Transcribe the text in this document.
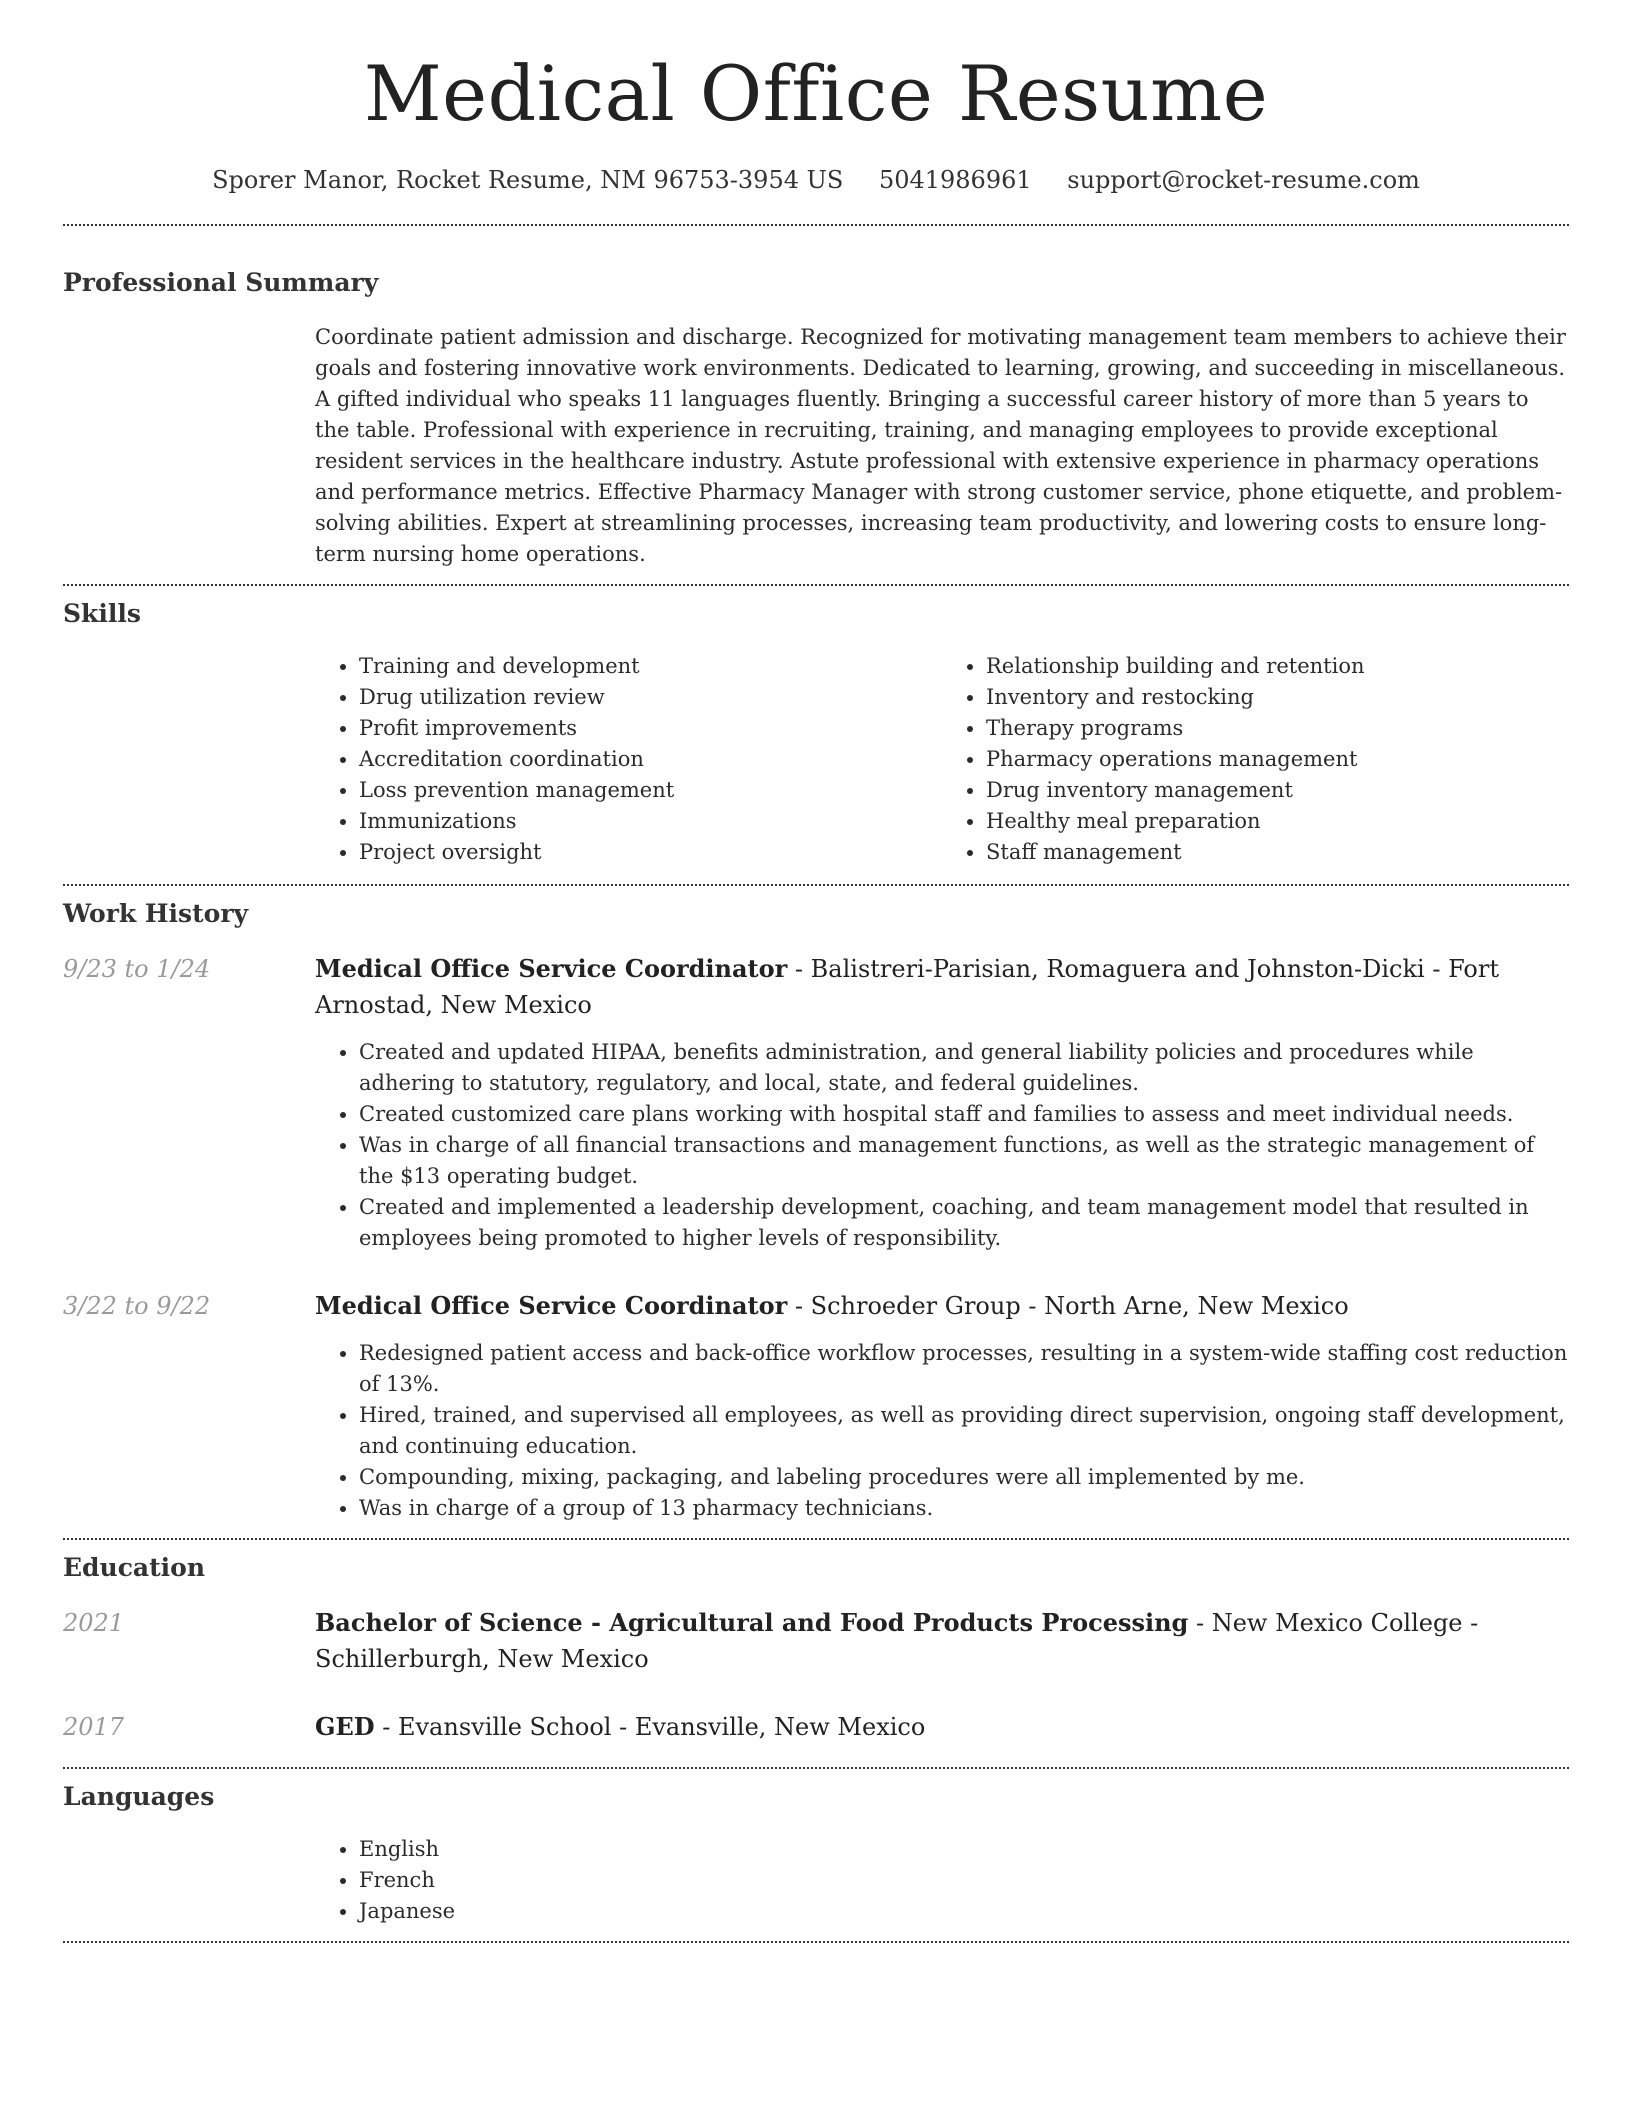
Medical Office Resume
Sporer Manor, Rocket Resume, NM 96753-3954 US 5041986961 support@rocket-resume.com
Professional Summary

Coordinate patient admission and discharge. Recognized for motivating management team members to achieve their goals and fostering innovative work environments. Dedicated to learning, growing, and succeeding in miscellaneous. A gifted individual who speaks 11 languages fluently. Bringing a successful career history of more than 5 years to the table. Professional with experience in recruiting, training, and managing employees to provide exceptional resident services in the healthcare industry. Astute professional with extensive experience in pharmacy operations and performance metrics. Effective Pharmacy Manager with strong customer service, phone etiquette, and problem-solving abilities. Expert at streamlining processes, increasing team productivity, and lowering costs to ensure long-term nursing home operations.

Skills
• Training and development
• Drug utilization review
• Profit improvements
• Accreditation coordination
• Loss prevention management
• Immunizations
• Project oversight
• Relationship building and retention
• Inventory and restocking
• Therapy programs
• Pharmacy operations management
• Drug inventory management
• Healthy meal preparation
• Staff management
Work History
9/23 to 1/24	Medical Office Service Coordinator - Balistreri-Parisian, Romaguera and Johnston-Dicki - Fort Arnostad, New Mexico
• Created and updated HIPAA, benefits administration, and general liability policies and procedures while adhering to statutory, regulatory, and local, state, and federal guidelines.
• Created customized care plans working with hospital staff and families to assess and meet individual needs.
• Was in charge of all financial transactions and management functions, as well as the strategic management of the $13 operating budget.
• Created and implemented a leadership development, coaching, and team management model that resulted in employees being promoted to higher levels of responsibility.
3/22 to 9/22	Medical Office Service Coordinator - Schroeder Group - North Arne, New Mexico
• Redesigned patient access and back-office workflow processes, resulting in a system-wide staffing cost reduction of 13%.
• Hired, trained, and supervised all employees, as well as providing direct supervision, ongoing staff development, and continuing education.
• Compounding, mixing, packaging, and labeling procedures were all implemented by me.
• Was in charge of a group of 13 pharmacy technicians.
Education
2021	Bachelor of Science - Agricultural and Food Products Processing - New Mexico College - Schillerburgh, New Mexico
2017	GED - Evansville School - Evansville, New Mexico
Languages
• English
• French
• Japanese
